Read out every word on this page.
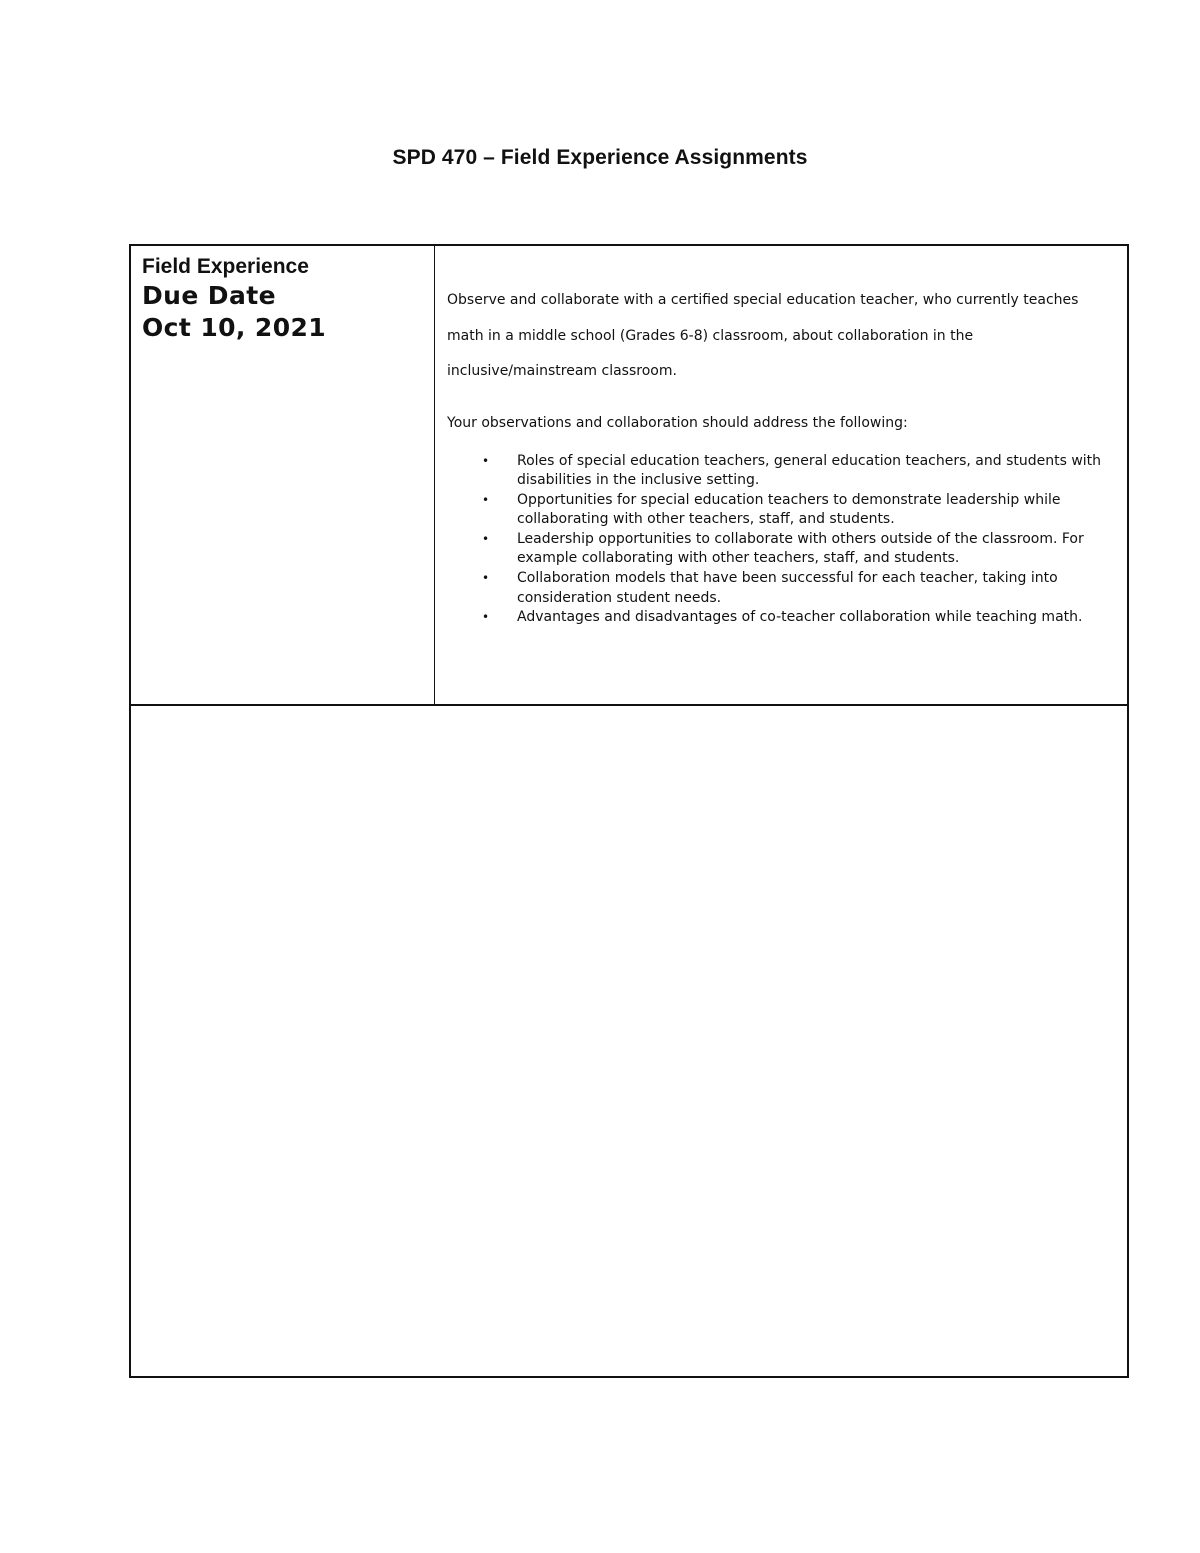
SPD 470 – Field Experience Assignments

Field Experience

Due Date

Oct 10, 2021

Observe and collaborate with a certified special education teacher, who currently teaches math in a middle school (Grades 6-8) classroom, about collaboration in the inclusive/mainstream classroom.

Your observations and collaboration should address the following:

• Roles of special education teachers, general education teachers, and students with disabilities in the inclusive setting.
• Opportunities for special education teachers to demonstrate leadership while collaborating with other teachers, staff, and students.
• Leadership opportunities to collaborate with others outside of the classroom. For example collaborating with other teachers, staff, and students.
• Collaboration models that have been successful for each teacher, taking into consideration student needs.
• Advantages and disadvantages of co-teacher collaboration while teaching math.
